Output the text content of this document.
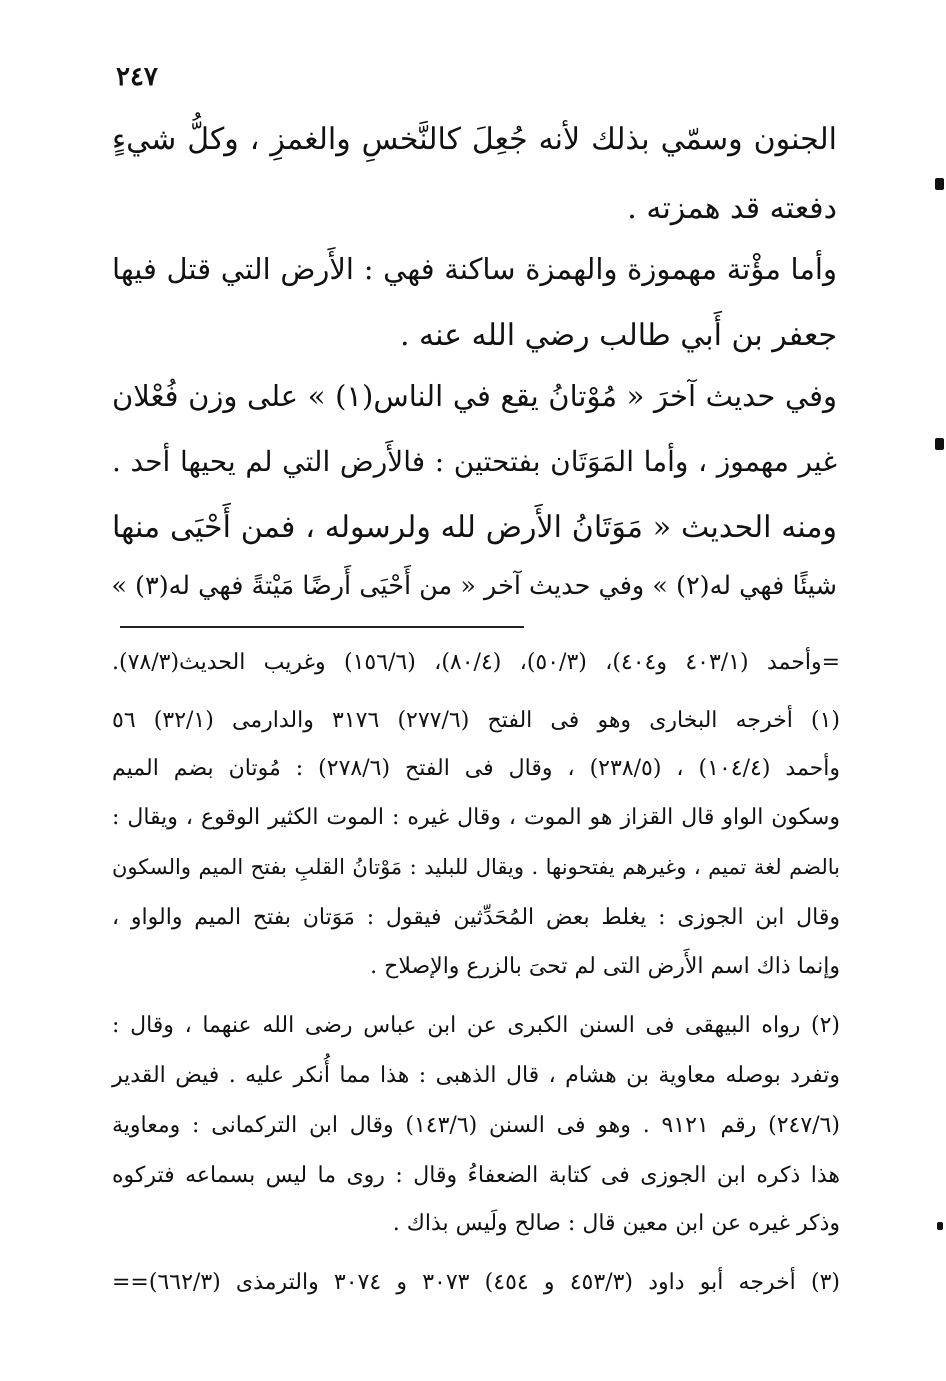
٢٤٧
الجنون وسمّي بذلك لأنه جُعِلَ كالنَّخسِ والغمزِ ، وكلُّ شيءٍ
دفعته قد همزته .
وأما مؤْتة مهموزة والهمزة ساكنة فهي : الأَرض التي قتل فيها
جعفر بن أَبي طالب رضي الله عنه .
وفي حديث آخرَ « مُوْتانُ يقع في الناس(١) » على وزن فُعْلان
غير مهموز ، وأما المَوَتَان بفتحتين : فالأَرض التي لم يحيها أحد .
ومنه الحديث « مَوَتَانُ الأَرض لله ولرسوله ، فمن أَحْيَى منها
شيئًا فهي له(٢) » وفي حديث آخر « من أَحْيَى أَرضًا مَيْتةً فهي له(٣) »
=وأحمد (٤٠٣/١ و٤٠٤)، (٥٠/٣)، (٨٠/٤)، (١٥٦/٦) وغريب الحديث(٧٨/٣).
(١) أخرجه البخارى وهو فى الفتح (٢٧٧/٦) ٣١٧٦ والدارمى (٣٢/١) ٥٦
وأحمد (١٠٤/٤) ، (٢٣٨/٥) ، وقال فى الفتح (٢٧٨/٦) : مُوتان بضم الميم
وسكون الواو قال القزاز هو الموت ، وقال غيره : الموت الكثير الوقوع ، ويقال :
بالضم لغة تميم ، وغيرهم يفتحونها . ويقال للبليد : مَوْتانُ القلبِ بفتح الميم والسكون
وقال ابن الجوزى : يغلط بعض المُحَدِّثين فيقول : مَوَتان بفتح الميم والواو ،
وإنما ذاك اسم الأَرض التى لم تحىَ بالزرع والإصلاح .
(٢) رواه البيهقى فى السنن الكبرى عن ابن عباس رضى الله عنهما ، وقال :
وتفرد بوصله معاوية بن هشام ، قال الذهبى : هذا مما أُنكر عليه . فيض القدير
(٢٤٧/٦) رقم ٩١٢١ . وهو فى السنن (١٤٣/٦) وقال ابن التركمانى : ومعاوية
هذا ذكره ابن الجوزى فى كتابة الضعفاءُ وقال : روى ما ليس بسماعه فتركوه
وذكر غيره عن ابن معين قال : صالح ولَيس بذاك .
(٣) أخرجه أبو داود (٤٥٣/٣ و ٤٥٤) ٣٠٧٣ و ٣٠٧٤ والترمذى (٦٦٢/٣)==
